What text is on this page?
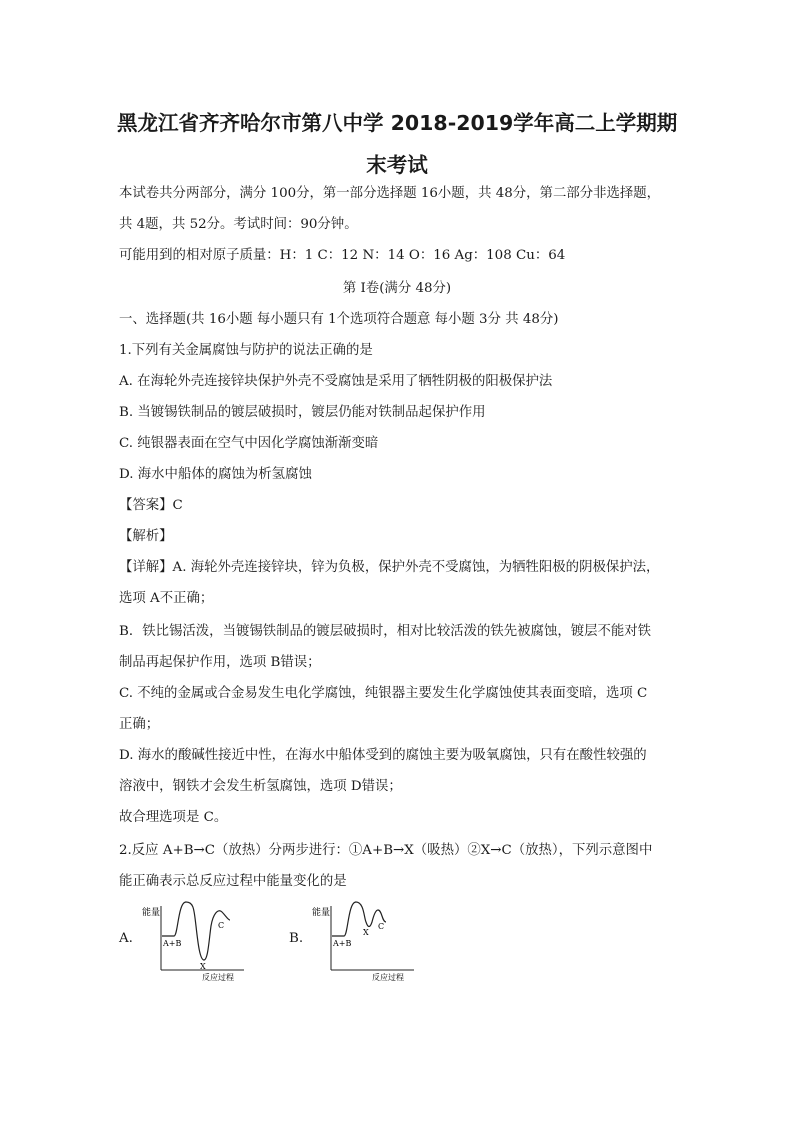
黑龙江省齐齐哈尔市第八中学 2018-2019学年高二上学期期
末考试
本试卷共分两部分，满分 100分，第一部分选择题 16小题，共 48分，第二部分非选择题，
共 4题，共 52分。考试时间：90分钟。
可能用到的相对原子质量：H：1 C：12 N：14 O：16 Ag：108 Cu：64
第 I卷(满分 48分)
一、选择题(共 16小题 每小题只有 1个选项符合题意 每小题 3分 共 48分)
1.下列有关金属腐蚀与防护的说法正确的是
A. 在海轮外壳连接锌块保护外壳不受腐蚀是采用了牺牲阴极的阳极保护法
B. 当镀锡铁制品的镀层破损时，镀层仍能对铁制品起保护作用
C. 纯银器表面在空气中因化学腐蚀渐渐变暗
D. 海水中船体的腐蚀为析氢腐蚀
【答案】C
【解析】
【详解】A. 海轮外壳连接锌块，锌为负极，保护外壳不受腐蚀，为牺牲阳极的阴极保护法，
选项 A不正确；
B．铁比锡活泼，当镀锡铁制品的镀层破损时，相对比较活泼的铁先被腐蚀，镀层不能对铁
制品再起保护作用，选项 B错误；
C. 不纯的金属或合金易发生电化学腐蚀，纯银器主要发生化学腐蚀使其表面变暗，选项 C
正确；
D. 海水的酸碱性接近中性，在海水中船体受到的腐蚀主要为吸氧腐蚀，只有在酸性较强的
溶液中，钢铁才会发生析氢腐蚀，选项 D错误；
故合理选项是 C。
2.反应 A+B→C（放热）分两步进行：①A+B→X（吸热）②X→C（放热），下列示意图中
能正确表示总反应过程中能量变化的是
A.
能量
A+B
X
C
反应过程
B.
能量
A+B
X
C
反应过程
